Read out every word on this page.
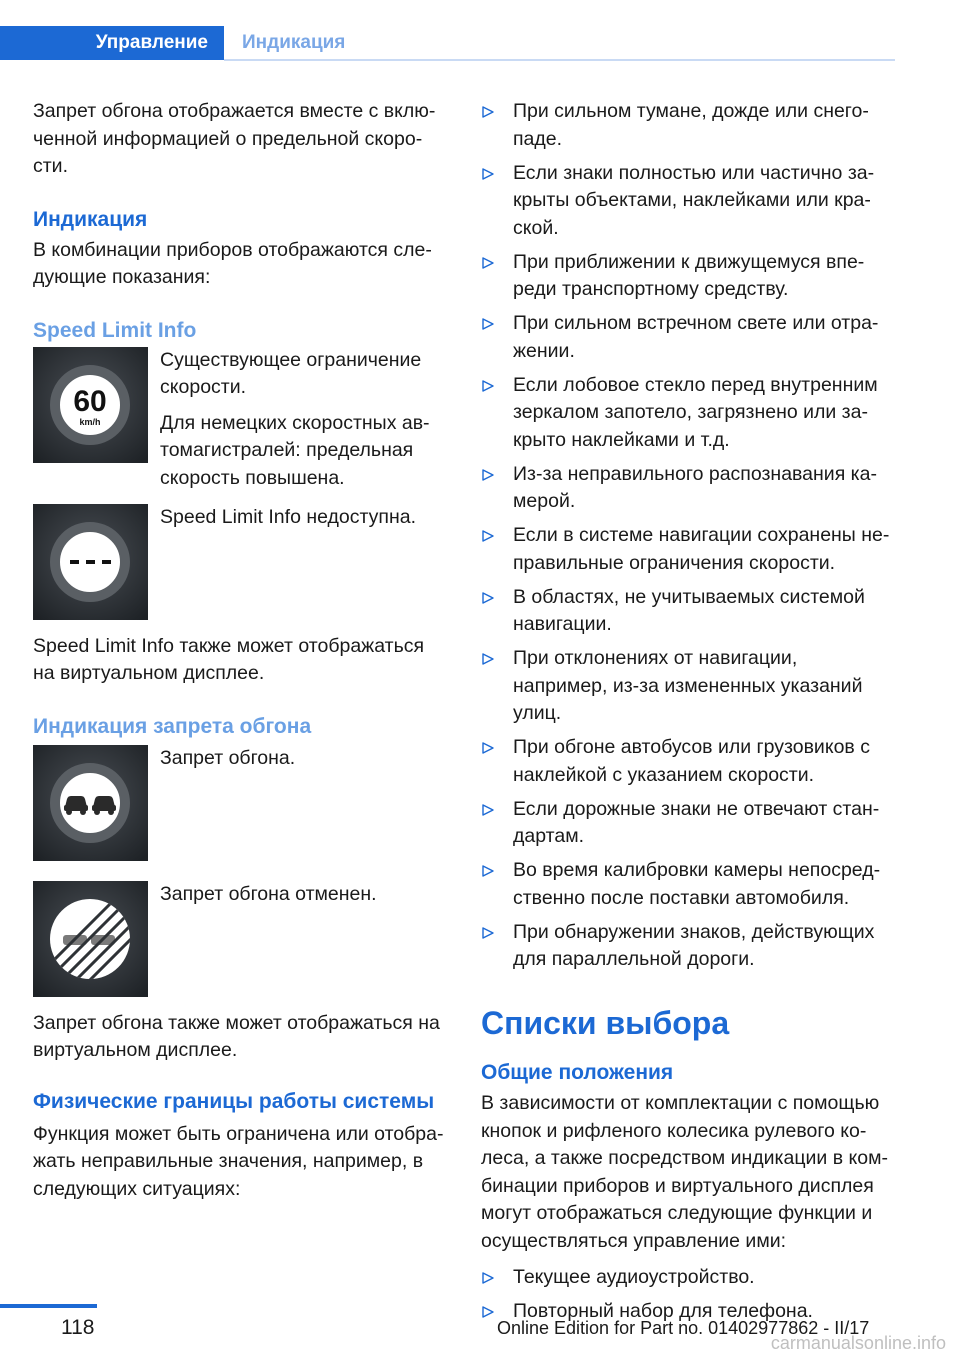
Управление	Индикация

Запрет обгона отображается вместе с вклю-ченной информацией о предельной скоро-сти.

Индикация

В комбинации приборов отображаются сле-дующие показания:

Speed Limit Info
60
km/h

Существующее ограничение скорости.

Для немецких скоростных ав-томагистралей: предельная скорость повышена.

Speed Limit Info недоступна.

Speed Limit Info также может отображаться на виртуальном дисплее.

Индикация запрета обгона

Запрет обгона.

Запрет обгона отменен.

Запрет обгона также может отображаться на виртуальном дисплее.

Физические границы работы системы

Функция может быть ограничена или отобра-жать неправильные значения, например, в следующих ситуациях:

При сильном тумане, дожде или снего-паде.
Если знаки полностью или частично за-крыты объектами, наклейками или кра-ской.
При приближении к движущемуся впе-реди транспортному средству.
При сильном встречном свете или отра-жении.
Если лобовое стекло перед внутренним зеркалом запотело, загрязнено или за-крыто наклейками и т.д.
Из-за неправильного распознавания ка-мерой.
Если в системе навигации сохранены не-правильные ограничения скорости.
В областях, не учитываемых системой навигации.
При отклонениях от навигации, например, из-за измененных указаний улиц.
При обгоне автобусов или грузовиков с наклейкой с указанием скорости.
Если дорожные знаки не отвечают стан-дартам.
Во время калибровки камеры непосред-ственно после поставки автомобиля.
При обнаружении знаков, действующих для параллельной дороги.
Списки выбора
Общие положения

В зависимости от комплектации с помощью кнопок и рифленого колесика рулевого ко-леса, а также посредством индикации в ком-бинации приборов и виртуального дисплея могут отображаться следующие функции и осуществляться управление ими:

Текущее аудиоустройство.
Повторный набор для телефона.
118	Online Edition for Part no. 01402977862 - II/17
carmanualsonline.info
